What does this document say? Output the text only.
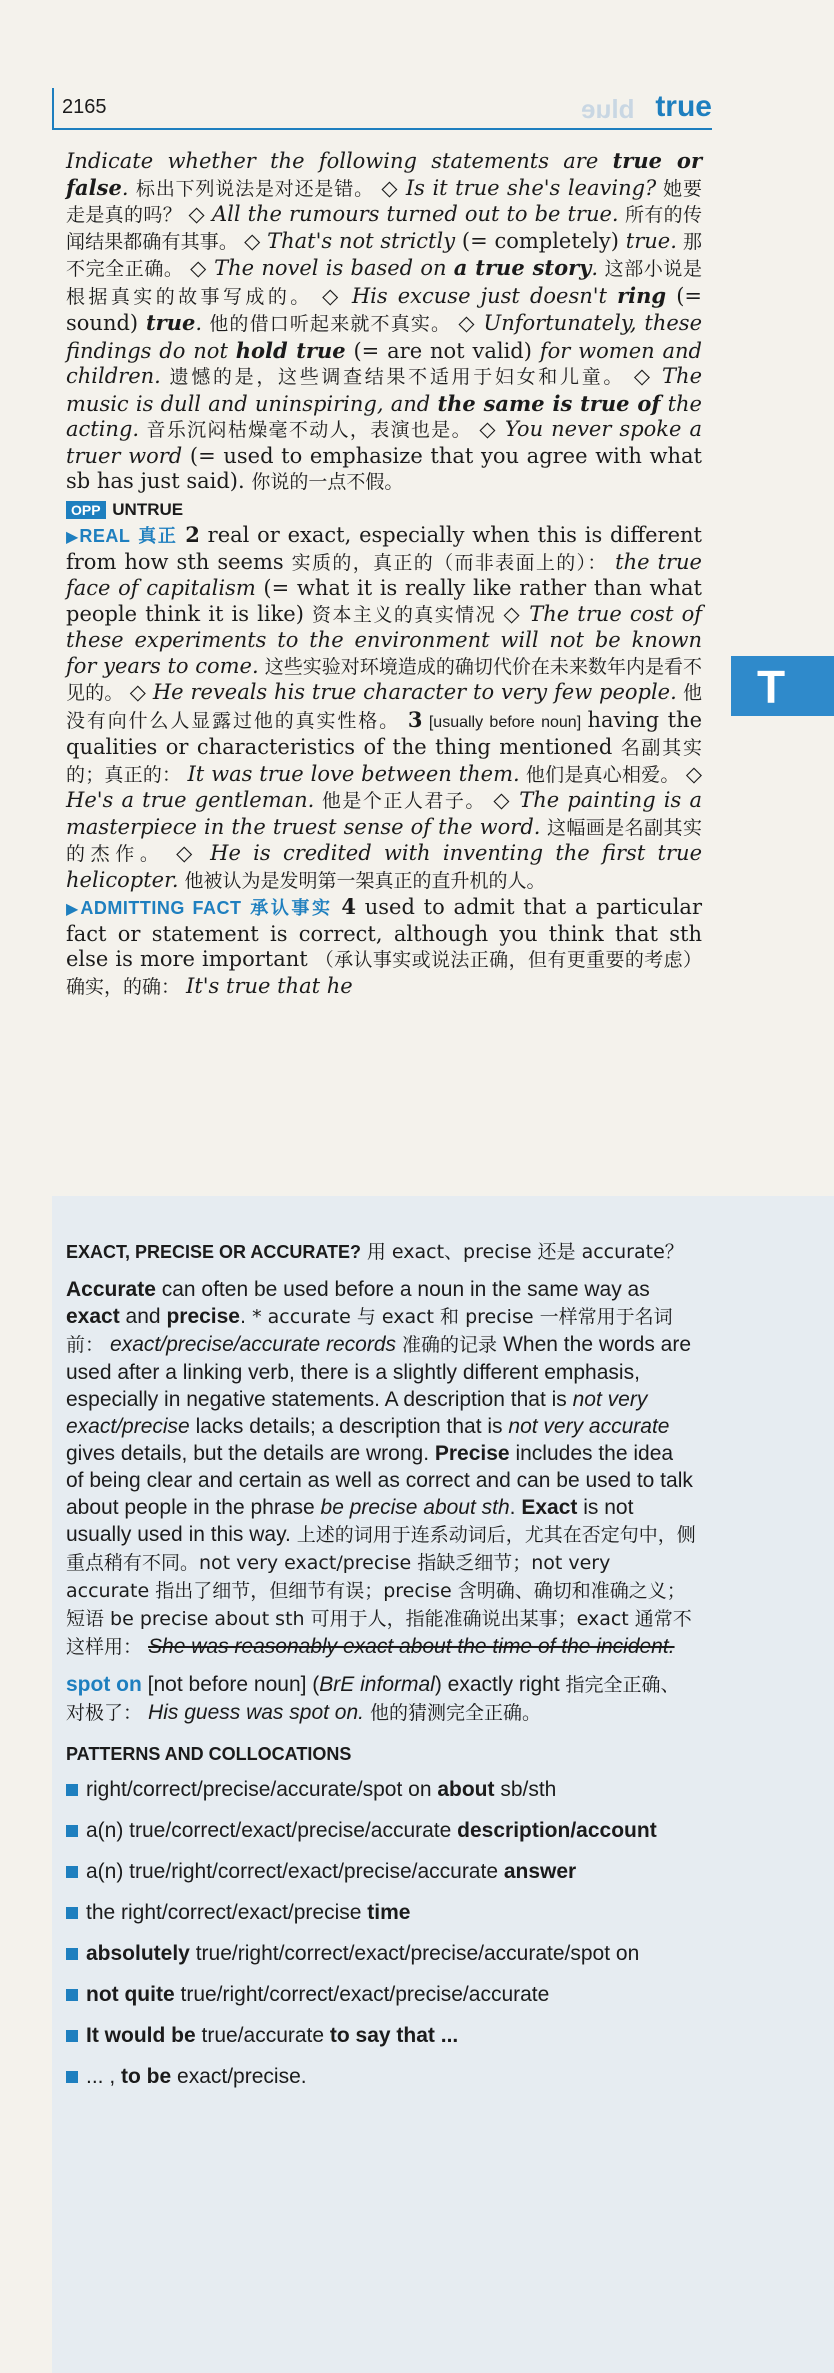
2165	blue true
T

Indicate whether the following statements are true or false. 标出下列说法是对还是错。 ◇ Is it true she's leaving? 她要走是真的吗？ ◇ All the rumours turned out to be true. 所有的传闻结果都确有其事。 ◇ That's not strictly (= completely) true. 那不完全正确。 ◇ The novel is based on a true story. 这部小说是根据真实的故事写成的。 ◇ His excuse just doesn't ring (= sound) true. 他的借口听起来就不真实。 ◇ Unfortunately, these findings do not hold true (= are not valid) for women and children. 遗憾的是，这些调查结果不适用于妇女和儿童。 ◇ The music is dull and uninspiring, and the same is true of the acting. 音乐沉闷枯燥毫不动人，表演也是。 ◇ You never spoke a truer word (= used to emphasize that you agree with what sb has just said). 你说的一点不假。

OPP UNTRUE

▶REAL 真正 2 real or exact, especially when this is different from how sth seems 实质的，真正的（而非表面上的）： the true face of capitalism (= what it is really like rather than what people think it is like) 资本主义的真实情况 ◇ The true cost of these experiments to the environment will not be known for years to come. 这些实验对环境造成的确切代价在未来数年内是看不见的。 ◇ He reveals his true character to very few people. 他没有向什么人显露过他的真实性格。 3 [usually before noun] having the qualities or characteristics of the thing mentioned 名副其实的；真正的： It was true love between them. 他们是真心相爱。 ◇ He's a true gentleman. 他是个正人君子。 ◇ The painting is a masterpiece in the truest sense of the word. 这幅画是名副其实的杰作。 ◇ He is credited with inventing the first true helicopter. 他被认为是发明第一架真正的直升机的人。

▶ADMITTING FACT 承认事实 4 used to admit that a particular fact or statement is correct, although you think that sth else is more important （承认事实或说法正确，但有更重要的考虑）确实，的确： It's true that he

EXACT, PRECISE OR ACCURATE? 用 exact、precise 还是 accurate？

Accurate can often be used before a noun in the same way as exact and precise. * accurate 与 exact 和 precise 一样常用于名词前： exact/precise/accurate records 准确的记录 When the words are used after a linking verb, there is a slightly different emphasis, especially in negative statements. A description that is not very exact/precise lacks details; a description that is not very accurate gives details, but the details are wrong. Precise includes the idea of being clear and certain as well as correct and can be used to talk about people in the phrase be precise about sth. Exact is not usually used in this way. 上述的词用于连系动词后，尤其在否定句中，侧重点稍有不同。not very exact/precise 指缺乏细节；not very accurate 指出了细节，但细节有误；precise 含明确、确切和准确之义；短语 be precise about sth 可用于人，指能准确说出某事；exact 通常不这样用： She was reasonably exact about the time of the incident.

spot on [not before noun] (BrE informal) exactly right 指完全正确、对极了： His guess was spot on. 他的猜测完全正确。

PATTERNS AND COLLOCATIONS

right/correct/precise/accurate/spot on about sb/sth
a(n) true/correct/exact/precise/accurate description/account
a(n) true/right/correct/exact/precise/accurate answer
the right/correct/exact/precise time
absolutely true/right/correct/exact/precise/accurate/spot on
not quite true/right/correct/exact/precise/accurate
It would be true/accurate to say that ...
... , to be exact/precise.
